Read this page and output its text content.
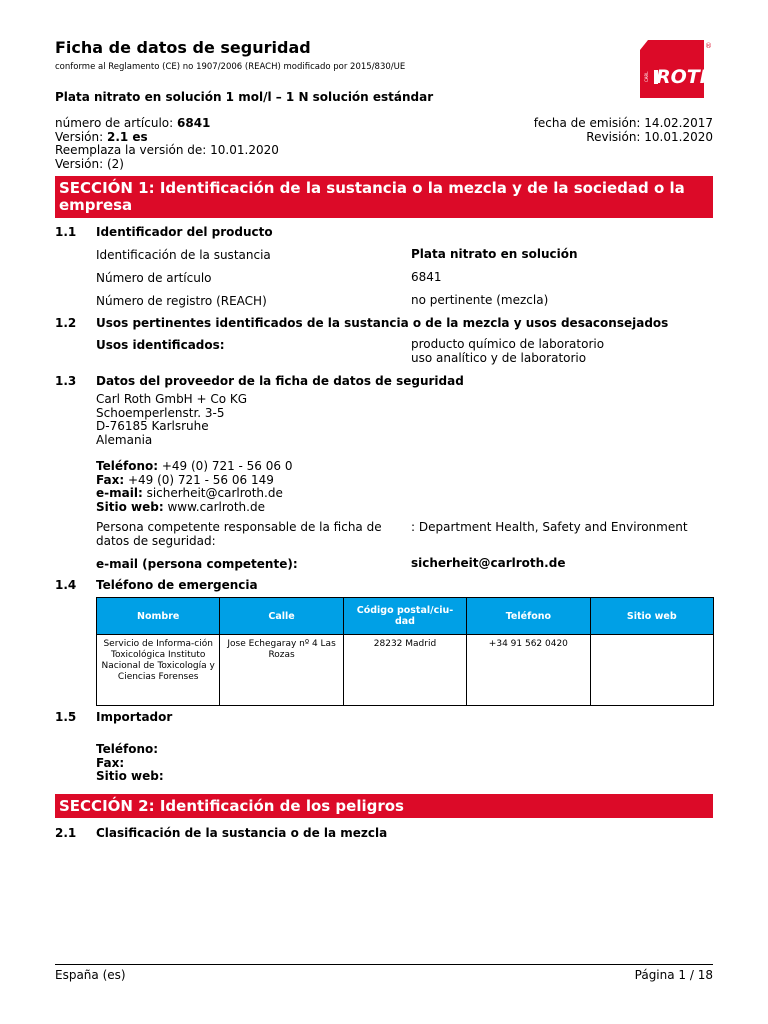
Ficha de datos de seguridad
conforme al Reglamento (CE) no 1907/2006 (REACH) modificado por 2015/830/UE	ROTH
CARL
®
Plata nitrato en solución 1 mol/l – 1 N solución estándar
número de artículo: 6841
Versión: 2.1 es
Reemplaza la versión de: 10.01.2020
Versión: (2)
fecha de emisión: 14.02.2017
Revisión: 10.01.2020
SECCIÓN 1: Identificación de la sustancia o la mezcla y de la sociedad o la empresa
1.1 Identificador del producto
Identificación de la sustancia	Plata nitrato en solución
Número de artículo	6841
Número de registro (REACH)	no pertinente (mezcla)
1.2 Usos pertinentes identificados de la sustancia o de la mezcla y usos desaconsejados
Usos identificados:	producto químico de laboratorio
uso analítico y de laboratorio
1.3 Datos del proveedor de la ficha de datos de seguridad
Carl Roth GmbH + Co KG
Schoemperlenstr. 3-5
D-76185 Karlsruhe
Alemania
Teléfono: +49 (0) 721 - 56 06 0
Fax: +49 (0) 721 - 56 06 149
e-mail: sicherheit@carlroth.de
Sitio web: www.carlroth.de
Persona competente responsable de la ficha de
datos de seguridad:
: Department Health, Safety and Environment
e-mail (persona competente):	sicherheit@carlroth.de
1.4 Teléfono de emergencia
Nombre	Calle	Código postal/ciu-dad	Teléfono	Sitio web
Servicio de Informa-ción Toxicológica Instituto Nacional de Toxicología y Ciencias Forenses	Jose Echegaray nº 4 Las Rozas	28232 Madrid	+34 91 562 0420	
1.5 Importador
Teléfono:
Fax:
Sitio web:
SECCIÓN 2: Identificación de los peligros
2.1 Clasificación de la sustancia o de la mezcla
España (es)	Página 1 / 18
